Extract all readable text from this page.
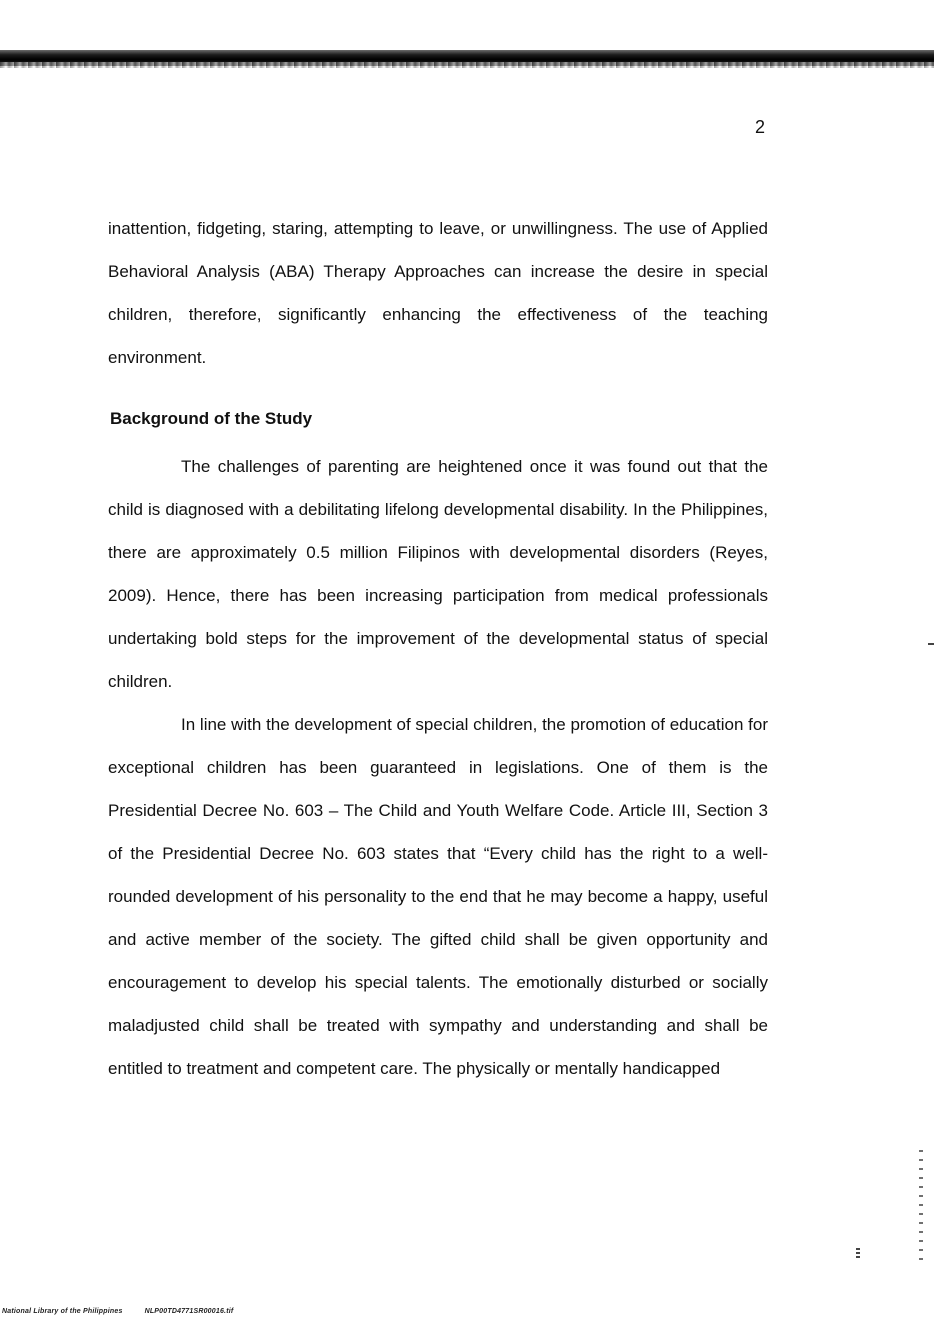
2

inattention, fidgeting, staring, attempting to leave, or unwillingness. The use of Applied Behavioral Analysis (ABA) Therapy Approaches can increase the desire in special children, therefore, significantly enhancing the effectiveness of the teaching environment.

Background of the Study

The challenges of parenting are heightened once it was found out that the child is diagnosed with a debilitating lifelong developmental disability. In the Philippines, there are approximately 0.5 million Filipinos with developmental disorders (Reyes, 2009). Hence, there has been increasing participation from medical professionals undertaking bold steps for the improvement of the developmental status of special children.

In line with the development of special children, the promotion of education for exceptional children has been guaranteed in legislations. One of them is the Presidential Decree No. 603 – The Child and Youth Welfare Code. Article III, Section 3 of the Presidential Decree No. 603 states that “Every child has the right to a well-rounded development of his personality to the end that he may become a happy, useful and active member of the society. The gifted child shall be given opportunity and encouragement to develop his special talents. The emotionally disturbed or socially maladjusted child shall be treated with sympathy and understanding and shall be entitled to treatment and competent care. The physically or mentally handicapped

National Library of the Philippines	NLP00TD4771SR00016.tif
